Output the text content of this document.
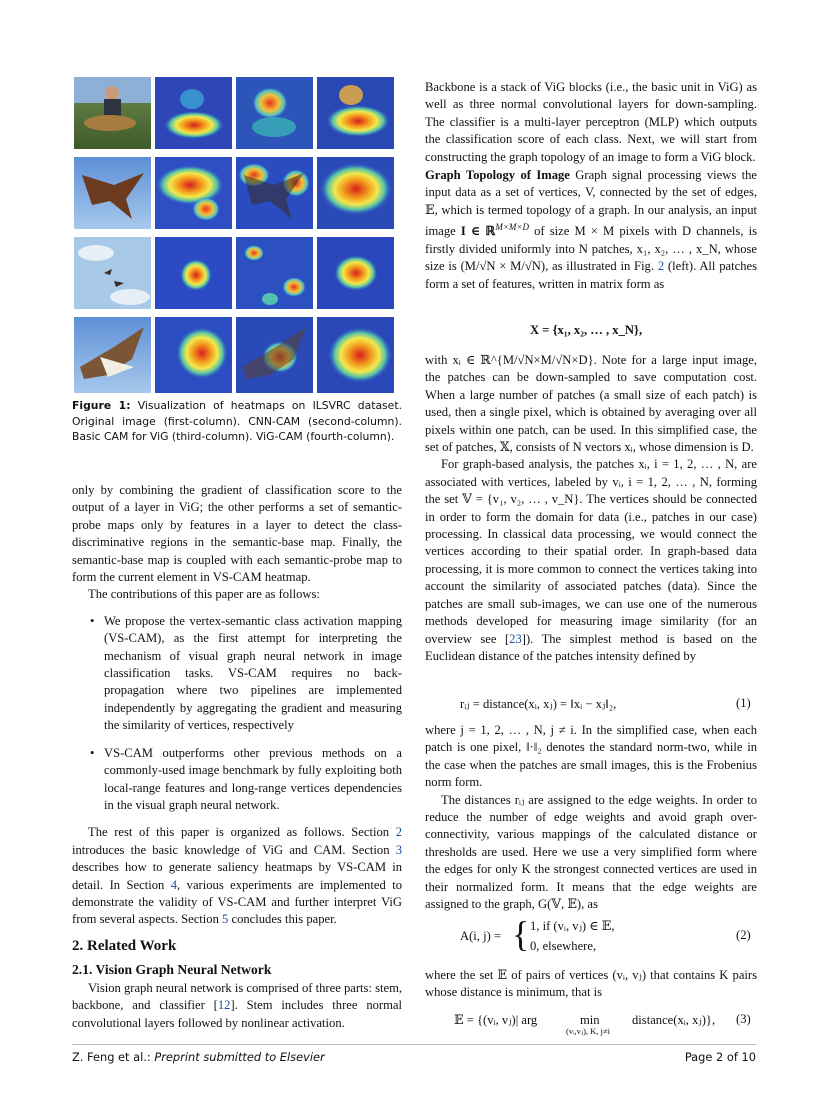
Figure 1: Visualization of heatmaps on ILSVRC dataset. Original image (first-column). CNN-CAM (second-column). Basic CAM for ViG (third-column). ViG-CAM (fourth-column).

only by combining the gradient of classification score to the output of a layer in ViG; the other performs a set of semantic-probe maps only by features in a layer to detect the class-discriminative regions in the semantic-base map. Finally, the semantic-base map is coupled with each semantic-probe map to form the current element in VS-CAM heatmap.

The contributions of this paper are as follows:

• We propose the vertex-semantic class activation mapping (VS-CAM), as the first attempt for interpreting the mechanism of visual graph neural network in image classification tasks. VS-CAM requires no back-propagation where two pipelines are implemented independently by aggregating the gradient and measuring the similarity of vertices, respectively
• VS-CAM outperforms other previous methods on a commonly-used image benchmark by fully exploiting both local-range features and long-range vertices dependencies in the visual graph neural network.

The rest of this paper is organized as follows. Section 2 introduces the basic knowledge of ViG and CAM. Section 3 describes how to generate saliency heatmaps by VS-CAM in detail. In Section 4, various experiments are implemented to demonstrate the validity of VS-CAM and further interpret ViG from several aspects. Section 5 concludes this paper.

2. Related Work
2.1. Vision Graph Neural Network

Vision graph neural network is comprised of three parts: stem, backbone, and classifier [12]. Stem includes three normal convolutional layers followed by nonlinear activation.

Backbone is a stack of ViG blocks (i.e., the basic unit in ViG) as well as three normal convolutional layers for down-sampling. The classifier is a multi-layer perceptron (MLP) which outputs the classification score of each class. Next, we will start from constructing the graph topology of an image to form a ViG block.

Graph Topology of Image Graph signal processing views the input data as a set of vertices, V, connected by the set of edges, 𝔼, which is termed topology of a graph. In our analysis, an input image I ∈ ℝ$^{M\times M\times D}$ of size M × M pixels with D channels, is firstly divided uniformly into N patches, x₁, x₂, … , x_N, whose size is (M/√N × M/√N), as illustrated in Fig. 2 (left). All patches form a set of features, written in matrix form as

X = {x₁, x₂, … , x_N},

with xᵢ ∈ ℝ^{M/√N×M/√N×D}. Note for a large input image, the patches can be down-sampled to save computation cost. When a large number of patches (a small size of each patch) is used, then a single pixel, which is obtained by averaging over all pixels within one patch, can be used. In this simplified case, the set of patches, 𝕏, consists of N vectors xᵢ, whose dimension is D.

For graph-based analysis, the patches xᵢ, i = 1, 2, … , N, are associated with vertices, labeled by vᵢ, i = 1, 2, … , N, forming the set 𝕍 = {v₁, v₂, … , v_N}. The vertices should be connected in order to form the domain for data (i.e., patches in our case) processing. In classical data processing, we would connect the vertices according to their spatial order. In graph-based data processing, it is more common to connect the vertices taking into account the similarity of associated patches (data). Since the patches are small sub-images, we can use one of the numerous methods developed for measuring image similarity (for an overview see [23]). The simplest method is based on the Euclidean distance of the patches intensity defined by

rᵢⱼ = distance(xᵢ, xⱼ) = ‖xᵢ − xⱼ‖₂,	(1)

where j = 1, 2, … , N, j ≠ i. In the simplified case, when each patch is one pixel, ‖·‖₂ denotes the standard norm-two, while in the case when the patches are small images, this is the Frobenius norm form.

The distances rᵢⱼ are assigned to the edge weights. In order to reduce the number of edge weights and avoid graph over-connectivity, various mappings of the calculated distance or thresholds are used. Here we use a very simplified form where the edges for only K the strongest connected vertices are used in their normalized form. It means that the edge weights are assigned to the graph, G(𝕍, 𝔼), as

A(i, j) = { 1, if (vᵢ, vⱼ) ∈ 𝔼,
0, elsewhere,
(2)

where the set 𝔼 of pairs of vertices (vᵢ, vⱼ) that contains K pairs whose distance is minimum, that is

𝔼 = {(vᵢ, vⱼ)| arg	min
(vᵢ,vⱼ), K, j≠i
distance(xᵢ, xⱼ)}, (3)
Z. Feng et al.: Preprint submitted to Elsevier	Page 2 of 10
